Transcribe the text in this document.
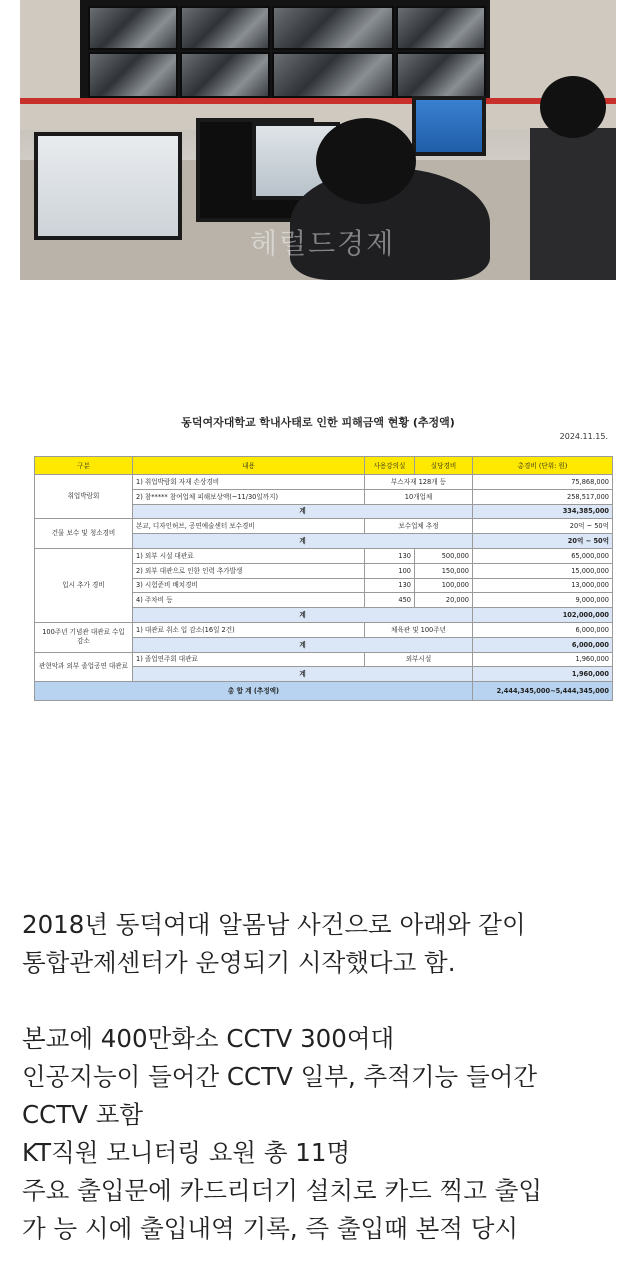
헤럴드경제
동덕여자대학교 학내사태로 인한 피해금액 현황 (추정액)
2024.11.15.
구분	내용	사용강의실	실당경비	총경비 (단위: 원)
취업박람회	1) 취업박람회 자재 손상경비	부스자재 128개 등		75,868,000
	2) 참***** 참여업체 피해보상액(~11/30일까지)	10개업체		258,517,000
	계			334,385,000
건물 보수 및 청소경비	본교, 디자인허브, 공연예술센터 보수경비	보수업체 추정		20억 ~ 50억
	계			20억 ~ 50억
입시 추가 경비	1) 외부 시설 대관료	130	500,000	65,000,000
	2) 외부 대관으로 인한 인력 추가발생	100	150,000	15,000,000
	3) 시험준비 배치경비	130	100,000	13,000,000
	4) 주차비 등	450	20,000	9,000,000
	계			102,000,000
100주년 기념관 대관료 수입 감소	1) 대관료 취소 입 감소(16일 2건)	체육관 및 100주년		6,000,000
	계			6,000,000
관현악과 외부 졸업공연 대관료	1) 졸업연주회 대관료	외부시설		1,960,000
	계			1,960,000
총 합 계 (추정액)				2,444,345,000~5,444,345,000

2018년 동덕여대 알몸남 사건으로 아래와 같이

통합관제센터가 운영되기 시작했다고 함.

본교에 400만화소 CCTV 300여대

인공지능이 들어간 CCTV 일부, 추적기능 들어간

CCTV 포함

KT직원 모니터링 요원 총 11명

주요 출입문에 카드리더기 설치로 카드 찍고 출입

가 능 시에 출입내역 기록, 즉 출입때 본적 당시
